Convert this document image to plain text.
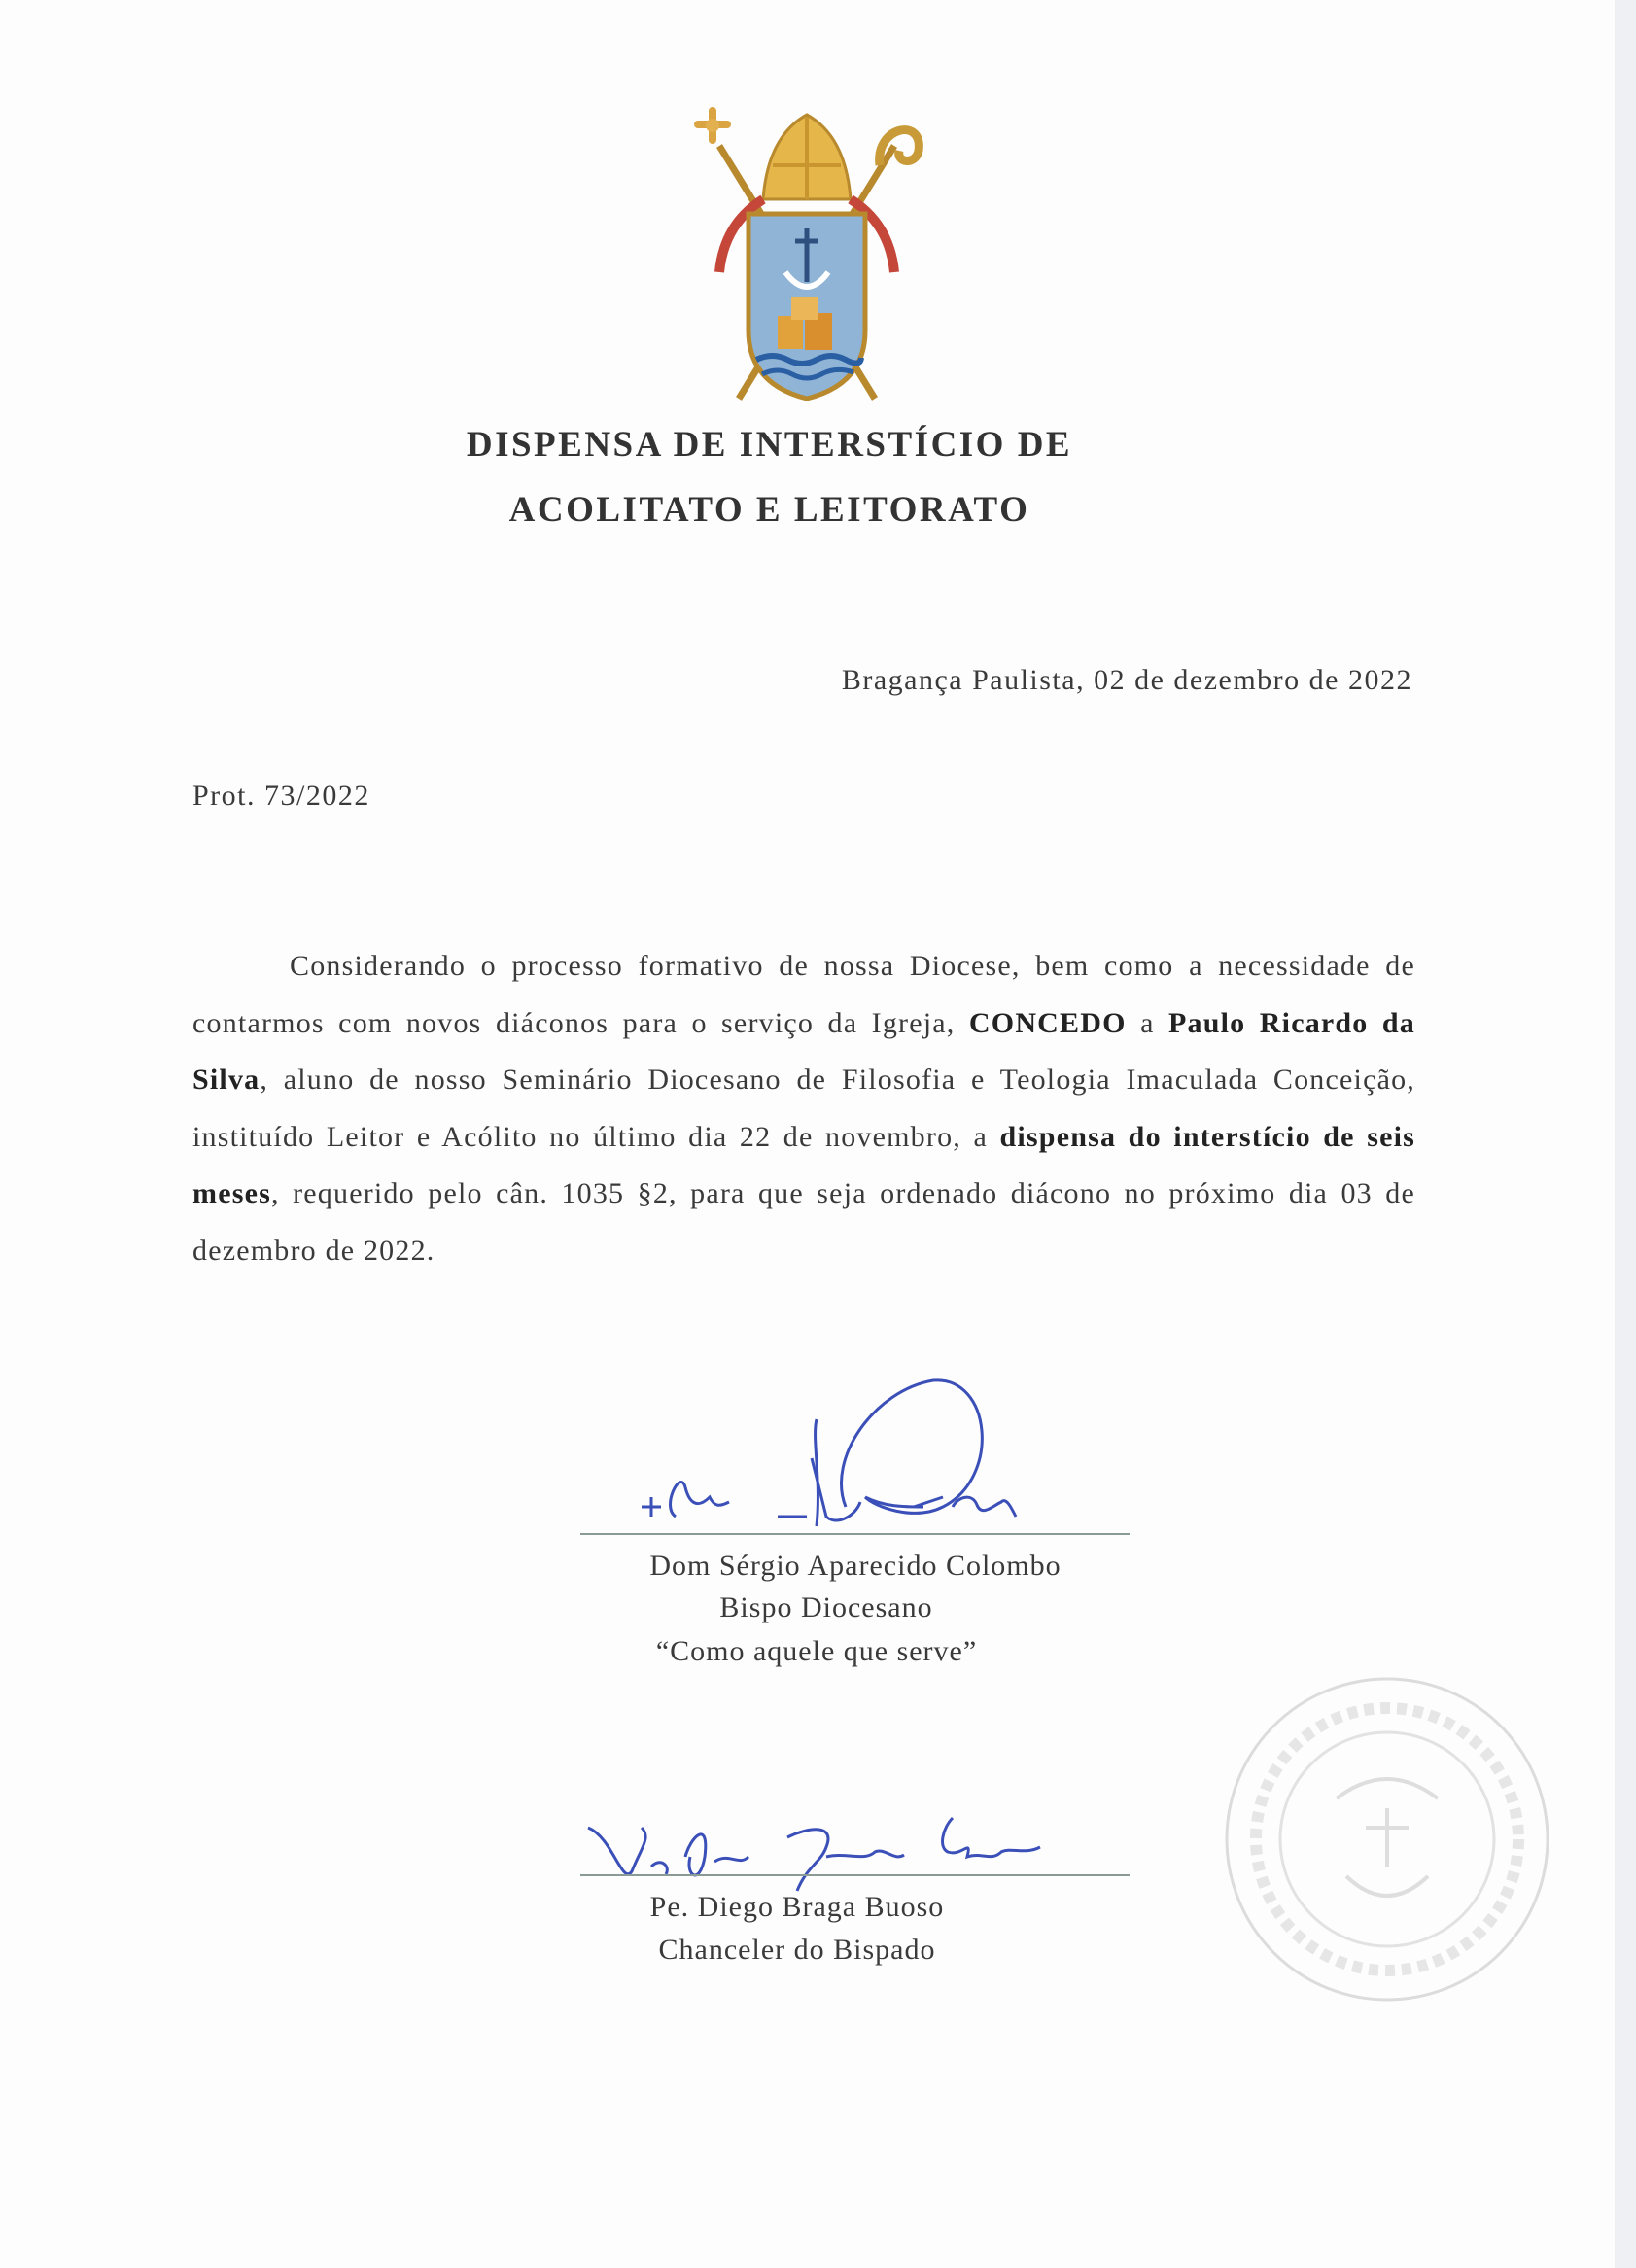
DISPENSA DE INTERSTÍCIO DE
ACOLITATO E LEITORATO
Bragança Paulista, 02 de dezembro de 2022
Prot. 73/2022
Considerando o processo formativo de nossa Diocese, bem como a necessidade de contarmos com novos diáconos para o serviço da Igreja, CONCEDO a Paulo Ricardo da Silva, aluno de nosso Seminário Diocesano de Filosofia e Teologia Imaculada Conceição, instituído Leitor e Acólito no último dia 22 de novembro, a dispensa do interstício de seis meses, requerido pelo cân. 1035 §2, para que seja ordenado diácono no próximo dia 03 de dezembro de 2022.
Dom Sérgio Aparecido Colombo
Bispo Diocesano
“Como aquele que serve”
Pe. Diego Braga Buoso
Chanceler do Bispado
